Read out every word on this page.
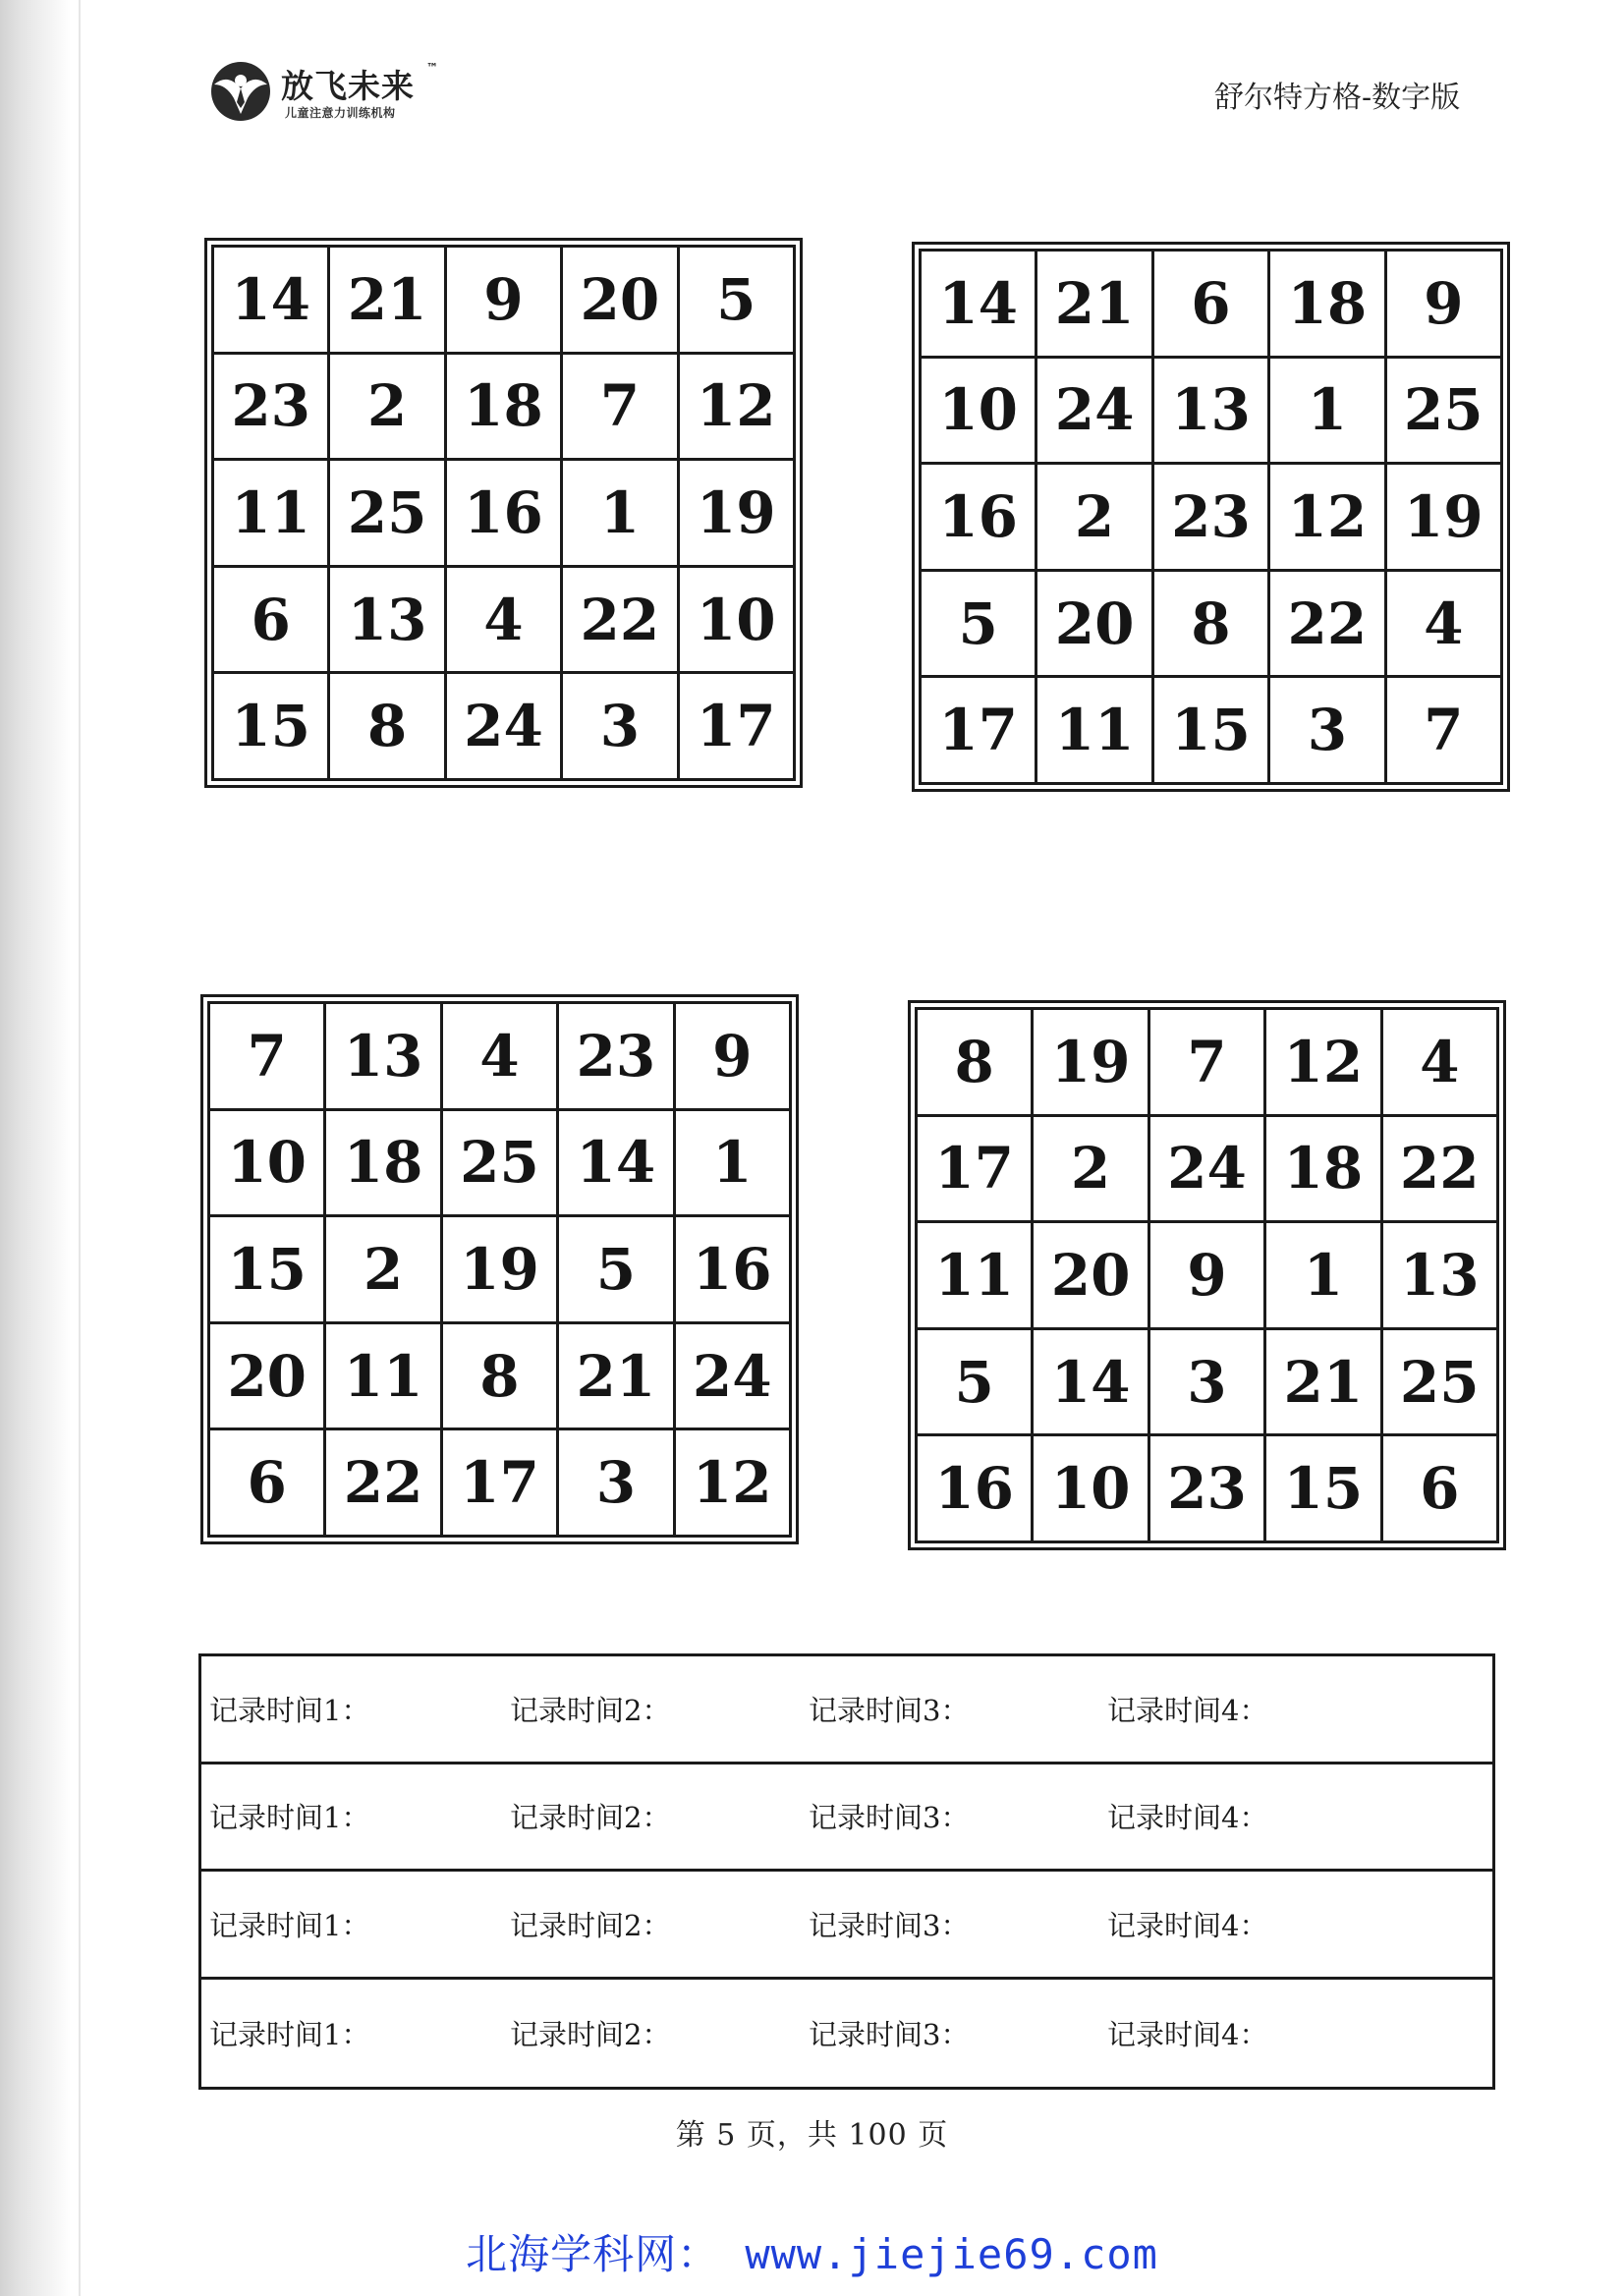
放飞未来 ™
儿童注意力训练机构	舒尔特方格-数字版
14	21	9	20	5
23	2	18	7	12
11	25	16	1	19
6	13	4	22	10
15	8	24	3	17
14	21	6	18	9
10	24	13	1	25
16	2	23	12	19
5	20	8	22	4
17	11	15	3	7
7	13	4	23	9
10	18	25	14	1
15	2	19	5	16
20	11	8	21	24
6	22	17	3	12
8	19	7	12	4
17	2	24	18	22
11	20	9	1	13
5	14	3	21	25
16	10	23	15	6
记录时间1：	记录时间2：	记录时间3：	记录时间4：
记录时间1：	记录时间2：	记录时间3：	记录时间4：
记录时间1：	记录时间2：	记录时间3：	记录时间4：
记录时间1：	记录时间2：	记录时间3：	记录时间4：
第 5 页，共 100 页
北海学科网： www.jiejie69.com
